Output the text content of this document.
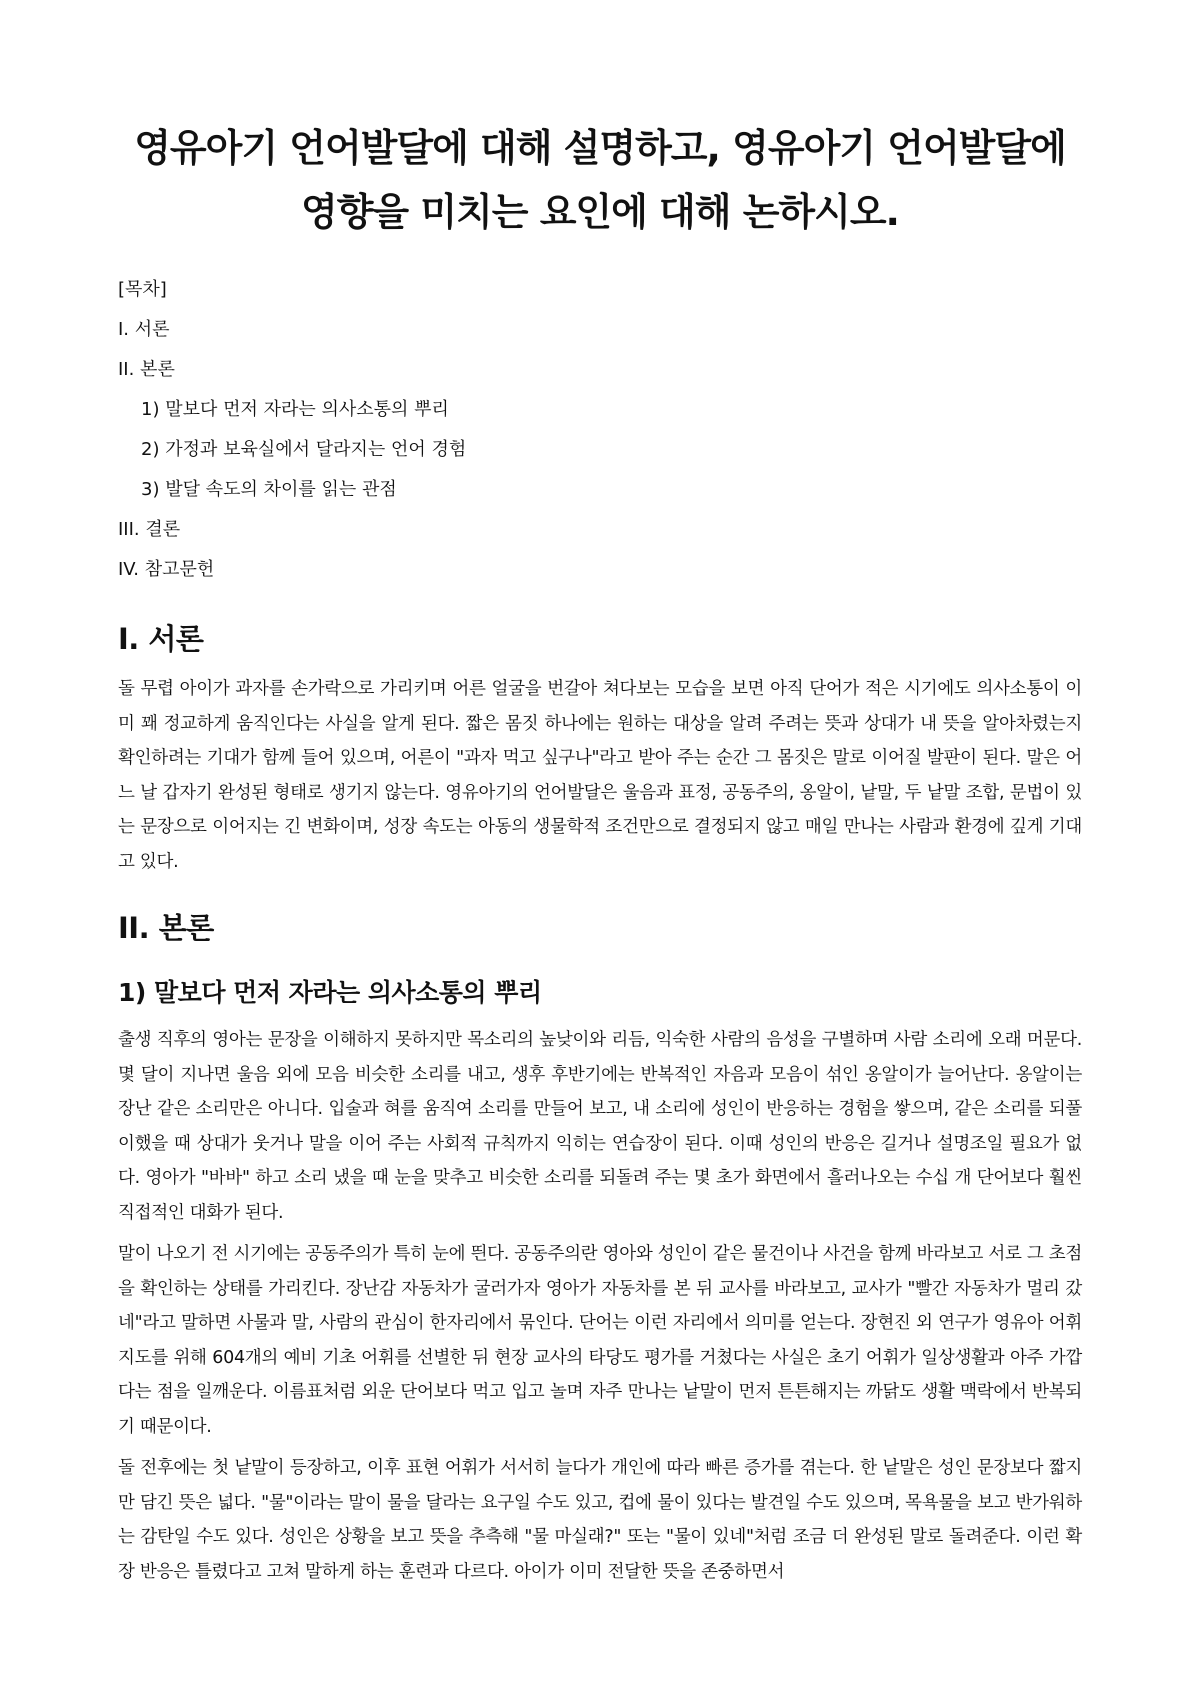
영유아기 언어발달에 대해 설명하고, 영유아기 언어발달에 영향을 미치는 요인에 대해 논하시오.
[목차]
I. 서론
II. 본론
1) 말보다 먼저 자라는 의사소통의 뿌리
2) 가정과 보육실에서 달라지는 언어 경험
3) 발달 속도의 차이를 읽는 관점
III. 결론
IV. 참고문헌
I. 서론

돌 무렵 아이가 과자를 손가락으로 가리키며 어른 얼굴을 번갈아 쳐다보는 모습을 보면 아직 단어가 적은 시기에도 의사소통이 이미 꽤 정교하게 움직인다는 사실을 알게 된다. 짧은 몸짓 하나에는 원하는 대상을 알려 주려는 뜻과 상대가 내 뜻을 알아차렸는지 확인하려는 기대가 함께 들어 있으며, 어른이 "과자 먹고 싶구나"라고 받아 주는 순간 그 몸짓은 말로 이어질 발판이 된다. 말은 어느 날 갑자기 완성된 형태로 생기지 않는다. 영유아기의 언어발달은 울음과 표정, 공동주의, 옹알이, 낱말, 두 낱말 조합, 문법이 있는 문장으로 이어지는 긴 변화이며, 성장 속도는 아동의 생물학적 조건만으로 결정되지 않고 매일 만나는 사람과 환경에 깊게 기대고 있다.

II. 본론
1) 말보다 먼저 자라는 의사소통의 뿌리

출생 직후의 영아는 문장을 이해하지 못하지만 목소리의 높낮이와 리듬, 익숙한 사람의 음성을 구별하며 사람 소리에 오래 머문다. 몇 달이 지나면 울음 외에 모음 비슷한 소리를 내고, 생후 후반기에는 반복적인 자음과 모음이 섞인 옹알이가 늘어난다. 옹알이는 장난 같은 소리만은 아니다. 입술과 혀를 움직여 소리를 만들어 보고, 내 소리에 성인이 반응하는 경험을 쌓으며, 같은 소리를 되풀이했을 때 상대가 웃거나 말을 이어 주는 사회적 규칙까지 익히는 연습장이 된다. 이때 성인의 반응은 길거나 설명조일 필요가 없다. 영아가 "바바" 하고 소리 냈을 때 눈을 맞추고 비슷한 소리를 되돌려 주는 몇 초가 화면에서 흘러나오는 수십 개 단어보다 훨씬 직접적인 대화가 된다.

말이 나오기 전 시기에는 공동주의가 특히 눈에 띈다. 공동주의란 영아와 성인이 같은 물건이나 사건을 함께 바라보고 서로 그 초점을 확인하는 상태를 가리킨다. 장난감 자동차가 굴러가자 영아가 자동차를 본 뒤 교사를 바라보고, 교사가 "빨간 자동차가 멀리 갔네"라고 말하면 사물과 말, 사람의 관심이 한자리에서 묶인다. 단어는 이런 자리에서 의미를 얻는다. 장현진 외 연구가 영유아 어휘 지도를 위해 604개의 예비 기초 어휘를 선별한 뒤 현장 교사의 타당도 평가를 거쳤다는 사실은 초기 어휘가 일상생활과 아주 가깝다는 점을 일깨운다. 이름표처럼 외운 단어보다 먹고 입고 놀며 자주 만나는 낱말이 먼저 튼튼해지는 까닭도 생활 맥락에서 반복되기 때문이다.

돌 전후에는 첫 낱말이 등장하고, 이후 표현 어휘가 서서히 늘다가 개인에 따라 빠른 증가를 겪는다. 한 낱말은 성인 문장보다 짧지만 담긴 뜻은 넓다. "물"이라는 말이 물을 달라는 요구일 수도 있고, 컵에 물이 있다는 발견일 수도 있으며, 목욕물을 보고 반가워하는 감탄일 수도 있다. 성인은 상황을 보고 뜻을 추측해 "물 마실래?" 또는 "물이 있네"처럼 조금 더 완성된 말로 돌려준다. 이런 확장 반응은 틀렸다고 고쳐 말하게 하는 훈련과 다르다. 아이가 이미 전달한 뜻을 존중하면서
